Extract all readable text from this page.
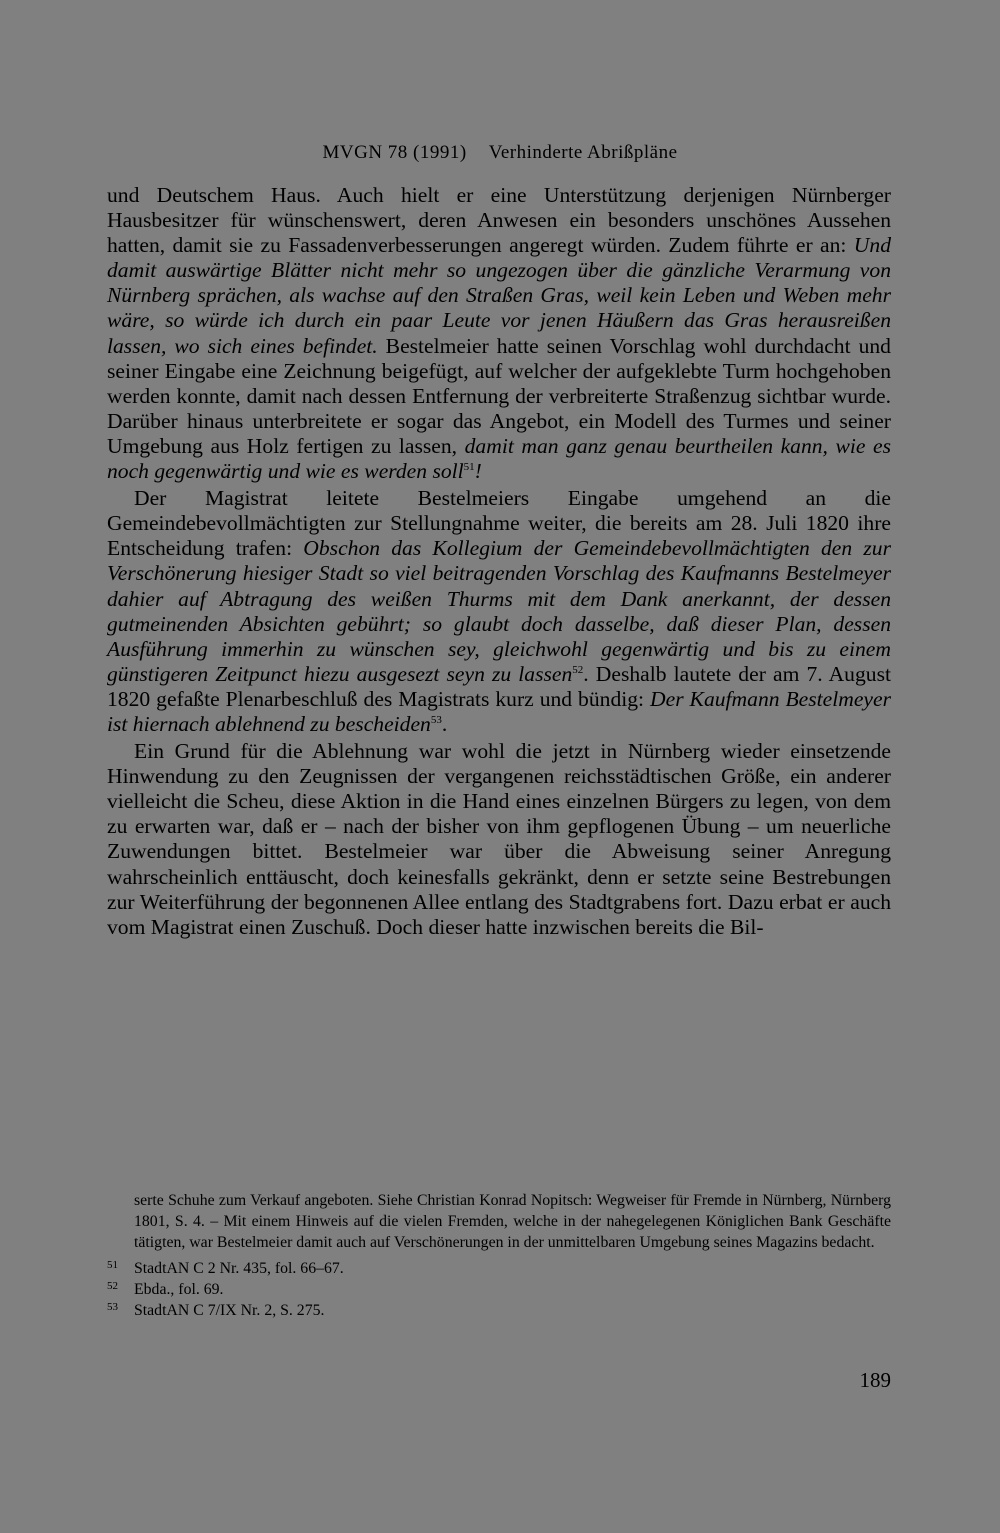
MVGN 78 (1991) Verhinderte Abrißpläne

und Deutschem Haus. Auch hielt er eine Unterstützung derjenigen Nürnberger Hausbesitzer für wünschenswert, deren Anwesen ein besonders unschönes Aussehen hatten, damit sie zu Fassadenverbesserungen angeregt würden. Zudem führte er an: Und damit auswärtige Blätter nicht mehr so ungezogen über die gänzliche Verarmung von Nürnberg sprächen, als wachse auf den Straßen Gras, weil kein Leben und Weben mehr wäre, so würde ich durch ein paar Leute vor jenen Häußern das Gras herausreißen lassen, wo sich eines befindet. Bestelmeier hatte seinen Vorschlag wohl durchdacht und seiner Eingabe eine Zeichnung beigefügt, auf welcher der aufgeklebte Turm hochgehoben werden konnte, damit nach dessen Entfernung der verbreiterte Straßenzug sichtbar wurde. Darüber hinaus unterbreitete er sogar das Angebot, ein Modell des Turmes und seiner Umgebung aus Holz fertigen zu lassen, damit man ganz genau beurtheilen kann, wie es noch gegenwärtig und wie es werden soll$^{51}$!

Der Magistrat leitete Bestelmeiers Eingabe umgehend an die Gemeindebevollmächtigten zur Stellungnahme weiter, die bereits am 28. Juli 1820 ihre Entscheidung trafen: Obschon das Kollegium der Gemeindebevollmächtigten den zur Verschönerung hiesiger Stadt so viel beitragenden Vorschlag des Kaufmanns Bestelmeyer dahier auf Abtragung des weißen Thurms mit dem Dank anerkannt, der dessen gutmeinenden Absichten gebührt; so glaubt doch dasselbe, daß dieser Plan, dessen Ausführung immerhin zu wünschen sey, gleichwohl gegenwärtig und bis zu einem günstigeren Zeitpunct hiezu ausgesezt seyn zu lassen$^{52}$. Deshalb lautete der am 7. August 1820 gefaßte Plenarbeschluß des Magistrats kurz und bündig: Der Kaufmann Bestelmeyer ist hiernach ablehnend zu bescheiden$^{53}$.

Ein Grund für die Ablehnung war wohl die jetzt in Nürnberg wieder einsetzende Hinwendung zu den Zeugnissen der vergangenen reichsstädtischen Größe, ein anderer vielleicht die Scheu, diese Aktion in die Hand eines einzelnen Bürgers zu legen, von dem zu erwarten war, daß er – nach der bisher von ihm gepflogenen Übung – um neuerliche Zuwendungen bittet. Bestelmeier war über die Abweisung seiner Anregung wahrscheinlich enttäuscht, doch keinesfalls gekränkt, denn er setzte seine Bestrebungen zur Weiterführung der begonnenen Allee entlang des Stadtgrabens fort. Dazu erbat er auch vom Magistrat einen Zuschuß. Doch dieser hatte inzwischen bereits die Bil-

serte Schuhe zum Verkauf angeboten. Siehe Christian Konrad Nopitsch: Wegweiser für Fremde in Nürnberg, Nürnberg 1801, S. 4. – Mit einem Hinweis auf die vielen Fremden, welche in der nahegelegenen Königlichen Bank Geschäfte tätigten, war Bestelmeier damit auch auf Verschönerungen in der unmittelbaren Umgebung seines Magazins bedacht.

51 StadtAN C 2 Nr. 435, fol. 66–67.

52 Ebda., fol. 69.

53 StadtAN C 7/IX Nr. 2, S. 275.

189
